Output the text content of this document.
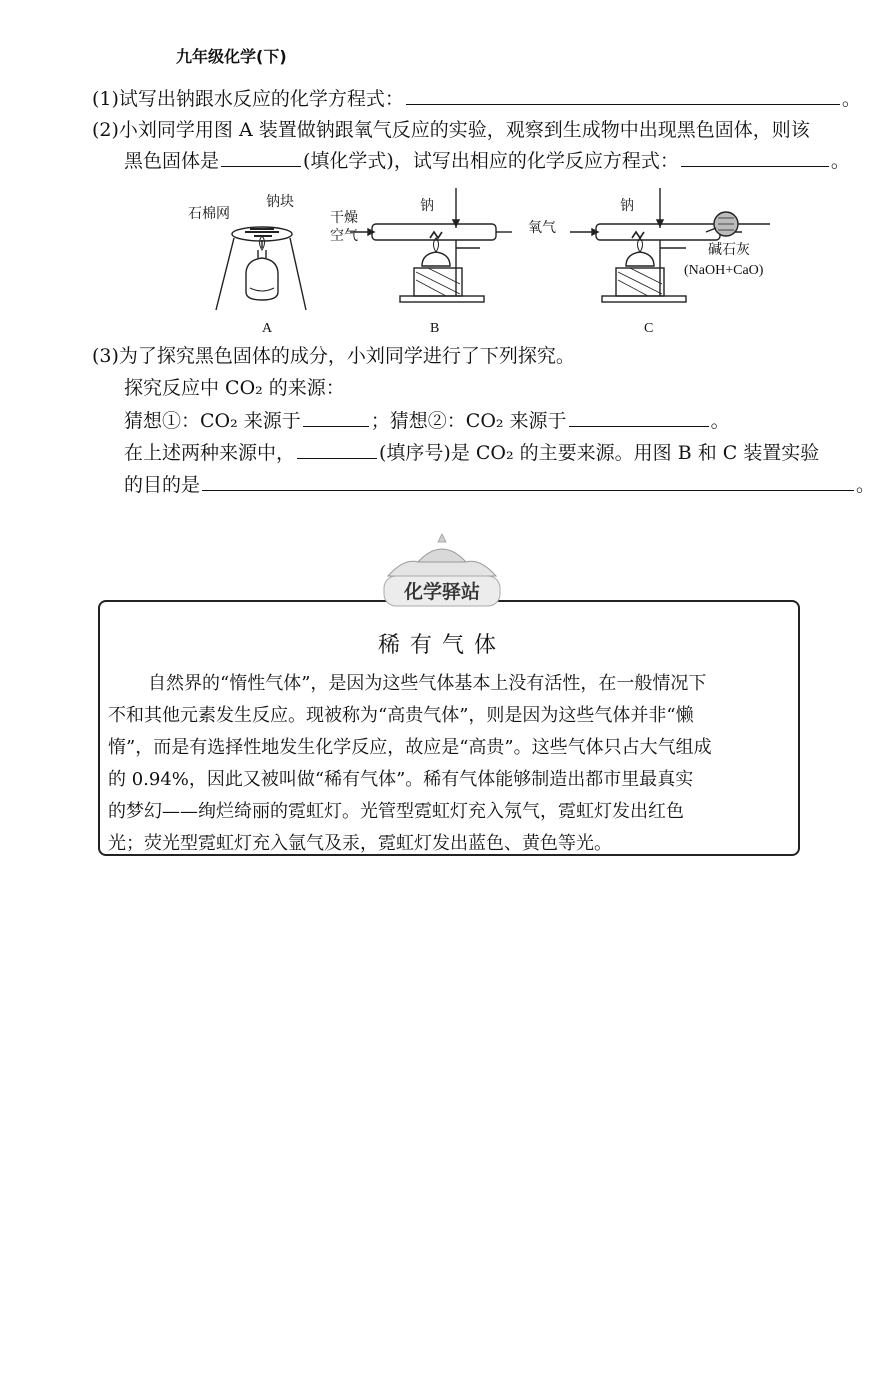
九年级化学(下)
(1)试写出钠跟水反应的化学方程式：	。
(2)小刘同学用图 A 装置做钠跟氧气反应的实验，观察到生成物中出现黑色固体，则该
黑色固体是	(填化学式)，试写出相应的化学反应方程式：	。
石棉网
钠块
A
干燥
空气
钠
B
氧气
钠
碱石灰
(NaOH+CaO)
C
(3)为了探究黑色固体的成分，小刘同学进行了下列探究。
探究反应中 CO₂ 的来源：
猜想①：CO₂ 来源于	；猜想②：CO₂ 来源于	。
在上述两种来源中，	(填序号)是 CO₂ 的主要来源。用图 B 和 C 装置实验
的目的是	。
化学驿站
稀有气体

自然界的“惰性气体”，是因为这些气体基本上没有活性，在一般情况下

不和其他元素发生反应。现被称为“高贵气体”，则是因为这些气体并非“懒

惰”，而是有选择性地发生化学反应，故应是“高贵”。这些气体只占大气组成

的 0.94%，因此又被叫做“稀有气体”。稀有气体能够制造出都市里最真实

的梦幻——绚烂绮丽的霓虹灯。光管型霓虹灯充入氖气，霓虹灯发出红色

光；荧光型霓虹灯充入氩气及汞，霓虹灯发出蓝色、黄色等光。
